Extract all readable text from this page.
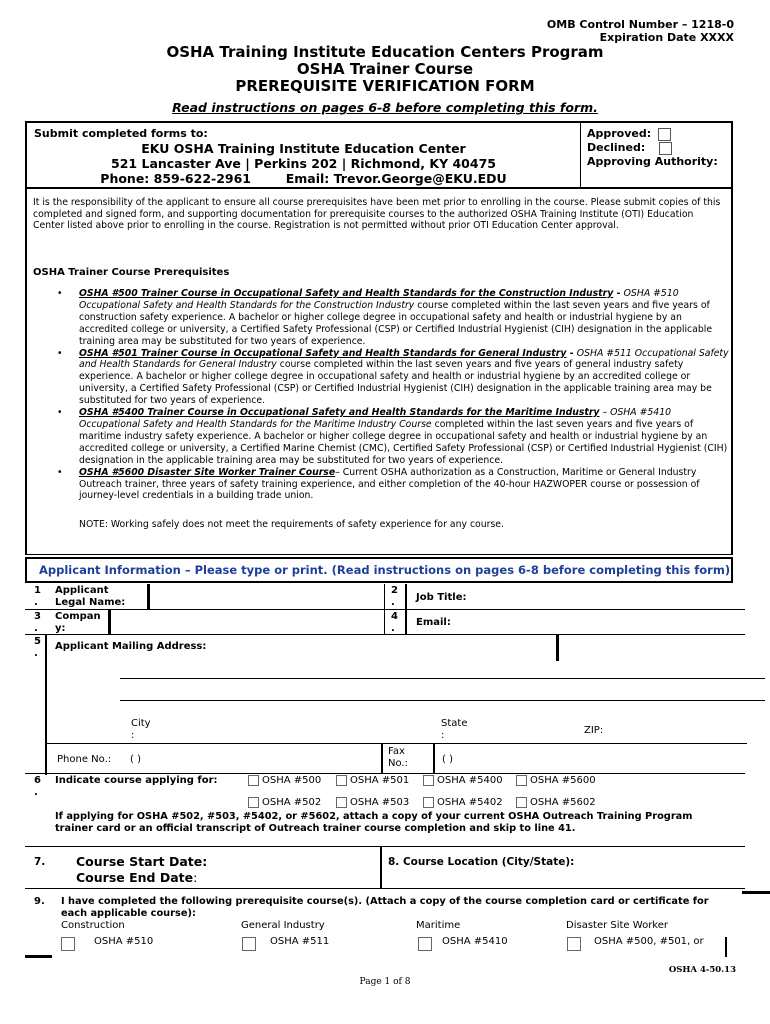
OMB Control Number – 1218-0
Expiration Date XXXX
OSHA Training Institute Education Centers Program
OSHA Trainer Course
PREREQUISITE VERIFICATION FORM
Read instructions on pages 6-8 before completing this form.
Submit completed forms to:
EKU OSHA Training Institute Education Center
521 Lancaster Ave | Perkins 202 | Richmond, KY 40475
Phone: 859-622-2961	Email: Trevor.George@EKU.EDU
Approved:
Declined:
Approving Authority:
It is the responsibility of the applicant to ensure all course prerequisites have been met prior to enrolling in the course. Please submit copies of this completed and signed form, and supporting documentation for prerequisite courses to the authorized OSHA Training Institute (OTI) Education Center listed above prior to enrolling in the course. Registration is not permitted without prior OTI Education Center approval.
OSHA Trainer Course Prerequisites
• OSHA #500 Trainer Course in Occupational Safety and Health Standards for the Construction Industry - OSHA #510 Occupational Safety and Health Standards for the Construction Industry course completed within the last seven years and five years of construction safety experience. A bachelor or higher college degree in occupational safety and health or industrial hygiene by an accredited college or university, a Certified Safety Professional (CSP) or Certified Industrial Hygienist (CIH) designation in the applicable training area may be substituted for two years of experience.
• OSHA #501 Trainer Course in Occupational Safety and Health Standards for General Industry - OSHA #511 Occupational Safety and Health Standards for General Industry course completed within the last seven years and five years of general industry safety experience. A bachelor or higher college degree in occupational safety and health or industrial hygiene by an accredited college or university, a Certified Safety Professional (CSP) or Certified Industrial Hygienist (CIH) designation in the applicable training area may be substituted for two years of experience.
• OSHA #5400 Trainer Course in Occupational Safety and Health Standards for the Maritime Industry – OSHA #5410 Occupational Safety and Health Standards for the Maritime Industry Course completed within the last seven years and five years of maritime industry safety experience. A bachelor or higher college degree in occupational safety and health or industrial hygiene by an accredited college or university, a Certified Marine Chemist (CMC), Certified Safety Professional (CSP) or Certified Industrial Hygienist (CIH) designation in the applicable training area may be substituted for two years of experience.
• OSHA #5600 Disaster Site Worker Trainer Course– Current OSHA authorization as a Construction, Maritime or General Industry Outreach trainer, three years of safety training experience, and either completion of the 40-hour HAZWOPER course or possession of journey-level credentials in a building trade union.
NOTE: Working safely does not meet the requirements of safety experience for any course.
Applicant Information – Please type or print. (Read instructions on pages 6-8 before completing this form)
1
.
Applicant
Legal Name:
2
.	Job Title:
3
.
Compan
y:
4
.
Email:
5
.
Applicant Mailing Address:
City
:
State
:	ZIP:
Phone No.: ( )
Fax
No.:	( )
6
.
Indicate course applying for:	OSHA #500	OSHA #501	OSHA #5400	OSHA #5600
OSHA #502	OSHA #503	OSHA #5402	OSHA #5602
If applying for OSHA #502, #503, #5402, or #5602, attach a copy of your current OSHA Outreach Training Program trainer card or an official transcript of Outreach trainer course completion and skip to line 41.
7. Course Start Date:
Course End Date:
8. Course Location (City/State):
9. I have completed the following prerequisite course(s). (Attach a copy of the course completion card or certificate for each applicable course):
Construction	General Industry	Maritime	Disaster Site Worker
OSHA #510	OSHA #511	OSHA #5410	OSHA #500, #501, or
OSHA 4-50.13
Page 1 of 8
